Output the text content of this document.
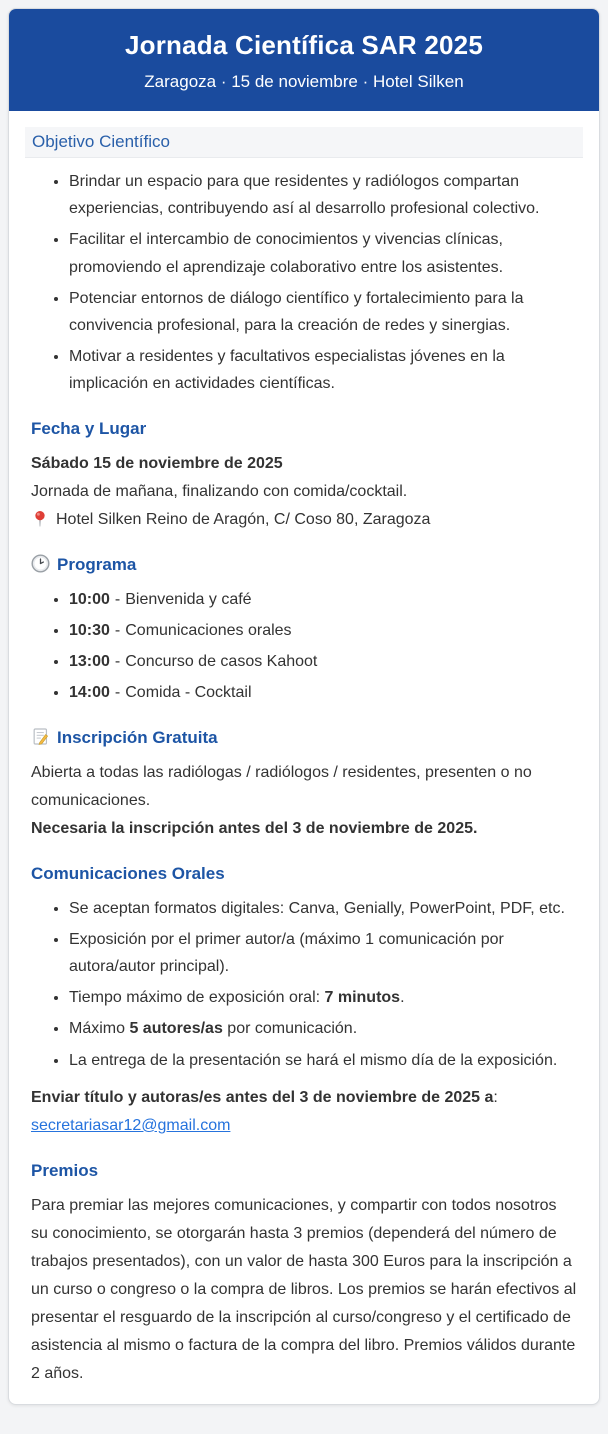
Jornada Científica SAR 2025
Zaragoza · 15 de noviembre · Hotel Silken
Objetivo Científico
• Brindar un espacio para que residentes y radiólogos compartan experiencias, contribuyendo así al desarrollo profesional colectivo.
• Facilitar el intercambio de conocimientos y vivencias clínicas, promoviendo el aprendizaje colaborativo entre los asistentes.
• Potenciar entornos de diálogo científico y fortalecimiento para la convivencia profesional, para la creación de redes y sinergias.
• Motivar a residentes y facultativos especialistas jóvenes en la implicación en actividades científicas.
Fecha y Lugar

Sábado 15 de noviembre de 2025
Jornada de mañana, finalizando con comida/cocktail.
Hotel Silken Reino de Aragón, C/ Coso 80, Zaragoza

Programa
• 10:00 - Bienvenida y café
• 10:30 - Comunicaciones orales
• 13:00 - Concurso de casos Kahoot
• 14:00 - Comida - Cocktail
Inscripción Gratuita

Abierta a todas las radiólogas / radiólogos / residentes, presenten o no comunicaciones.
Necesaria la inscripción antes del 3 de noviembre de 2025.

Comunicaciones Orales
• Se aceptan formatos digitales: Canva, Genially, PowerPoint, PDF, etc.
• Exposición por el primer autor/a (máximo 1 comunicación por autora/autor principal).
• Tiempo máximo de exposición oral: 7 minutos.
• Máximo 5 autores/as por comunicación.
• La entrega de la presentación se hará el mismo día de la exposición.

Enviar título y autoras/es antes del 3 de noviembre de 2025 a:
secretariasar12@gmail.com

Premios

Para premiar las mejores comunicaciones, y compartir con todos nosotros su conocimiento, se otorgarán hasta 3 premios (dependerá del número de trabajos presentados), con un valor de hasta 300 Euros para la inscripción a un curso o congreso o la compra de libros. Los premios se harán efectivos al presentar el resguardo de la inscripción al curso/congreso y el certificado de asistencia al mismo o factura de la compra del libro. Premios válidos durante 2 años.
